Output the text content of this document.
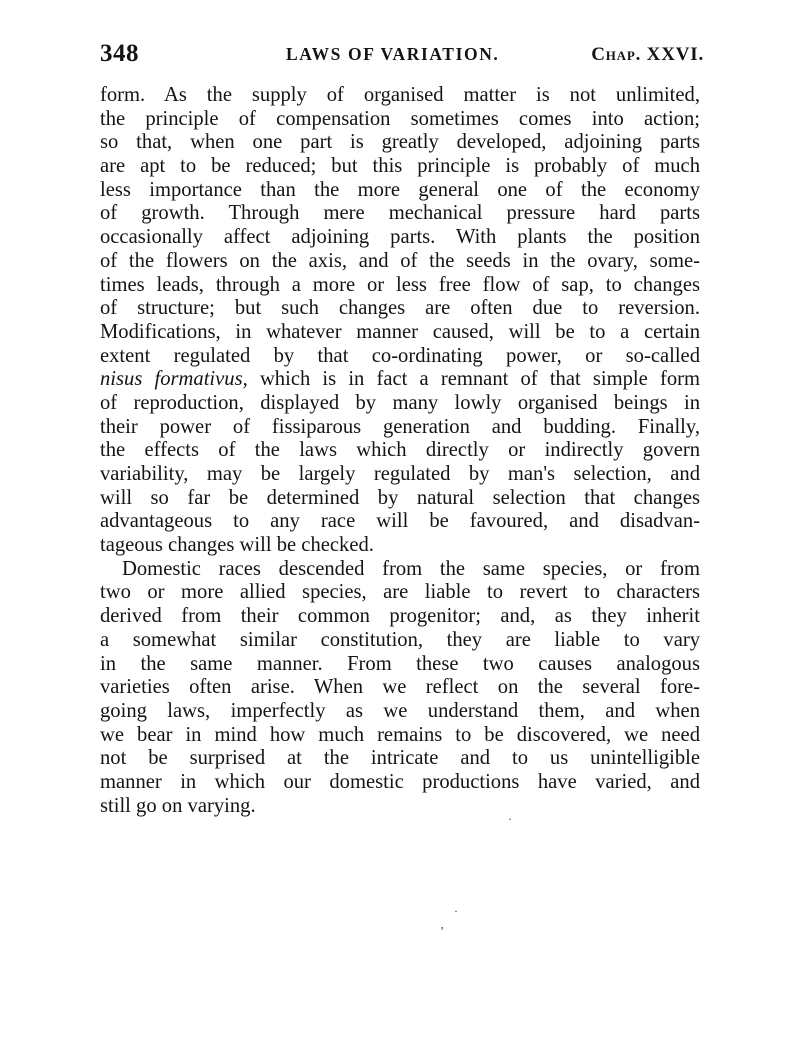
348	LAWS OF VARIATION.	Chap. XXVI.
form. As the supply of organised matter is not unlimited,
the principle of compensation sometimes comes into action;
so that, when one part is greatly developed, adjoining parts
are apt to be reduced; but this principle is probably of much
less importance than the more general one of the economy
of growth. Through mere mechanical pressure hard parts
occasionally affect adjoining parts. With plants the position
of the flowers on the axis, and of the seeds in the ovary, some-
times leads, through a more or less free flow of sap, to changes
of structure; but such changes are often due to reversion.
Modifications, in whatever manner caused, will be to a certain
extent regulated by that co-ordinating power, or so-called
nisus formativus, which is in fact a remnant of that simple form
of reproduction, displayed by many lowly organised beings in
their power of fissiparous generation and budding. Finally,
the effects of the laws which directly or indirectly govern
variability, may be largely regulated by man's selection, and
will so far be determined by natural selection that changes
advantageous to any race will be favoured, and disadvan-
tageous changes will be checked.
Domestic races descended from the same species, or from
two or more allied species, are liable to revert to characters
derived from their common progenitor; and, as they inherit
a somewhat similar constitution, they are liable to vary
in the same manner. From these two causes analogous
varieties often arise. When we reflect on the several fore-
going laws, imperfectly as we understand them, and when
we bear in mind how much remains to be discovered, we need
not be surprised at the intricate and to us unintelligible
manner in which our domestic productions have varied, and
still go on varying.
·
ʼ
·
